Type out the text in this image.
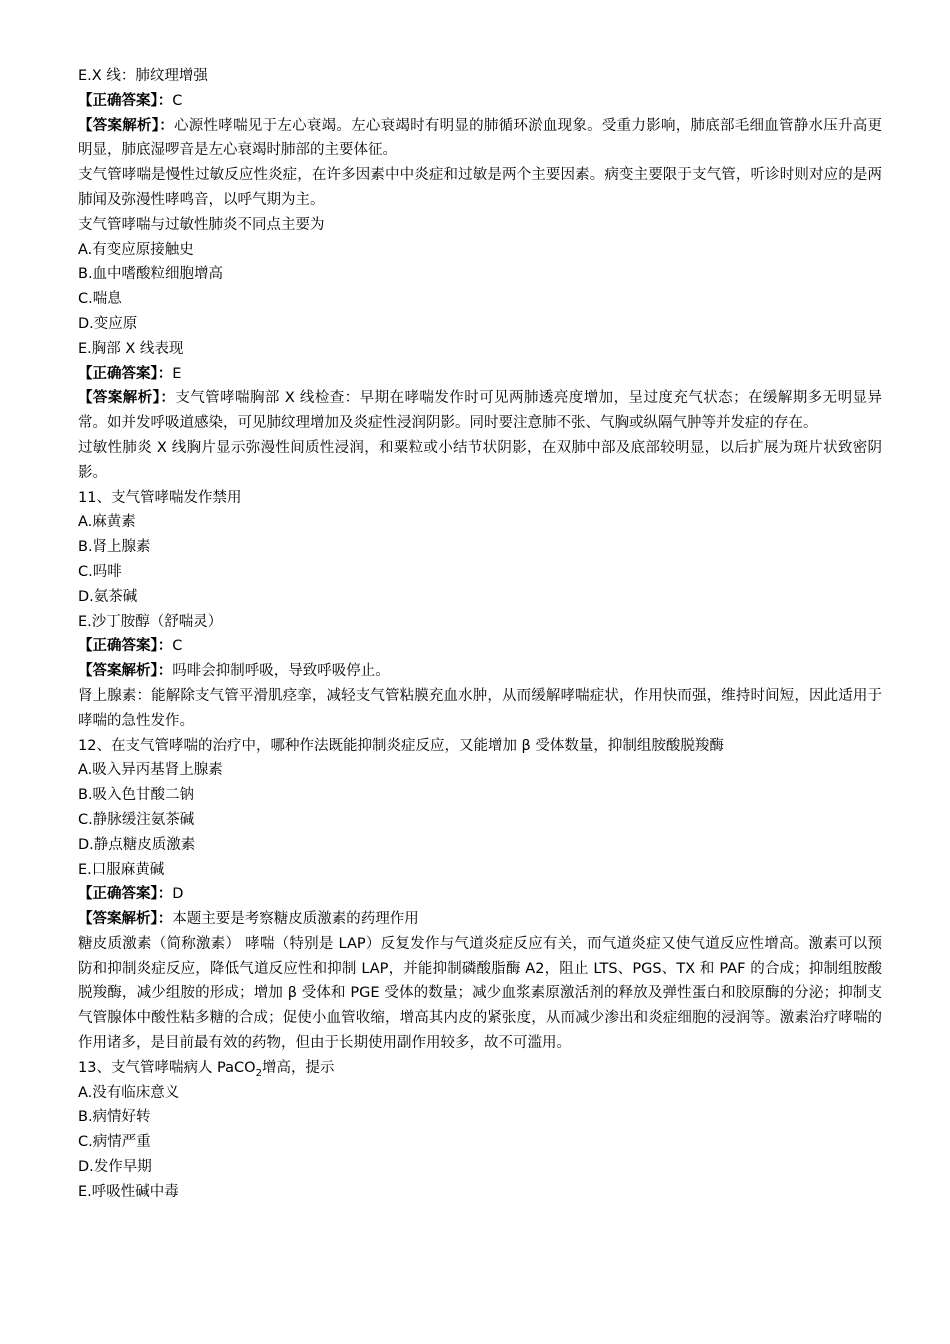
E.X 线：肺纹理增强
【正确答案】：C
【答案解析】：心源性哮喘见于左心衰竭。左心衰竭时有明显的肺循环淤血现象。受重力影响，肺底部毛细血管静水压升高更明显，肺底湿啰音是左心衰竭时肺部的主要体征。
支气管哮喘是慢性过敏反应性炎症，在许多因素中中炎症和过敏是两个主要因素。病变主要限于支气管，听诊时则对应的是两肺闻及弥漫性哮鸣音，以呼气期为主。
支气管哮喘与过敏性肺炎不同点主要为
A.有变应原接触史
B.血中嗜酸粒细胞增高
C.喘息
D.变应原
E.胸部 X 线表现
【正确答案】：E
【答案解析】：支气管哮喘胸部 X 线检查：早期在哮喘发作时可见两肺透亮度增加，呈过度充气状态；在缓解期多无明显异常。如并发呼吸道感染，可见肺纹理增加及炎症性浸润阴影。同时要注意肺不张、气胸或纵隔气肿等并发症的存在。
过敏性肺炎 X 线胸片显示弥漫性间质性浸润，和粟粒或小结节状阴影，在双肺中部及底部较明显，以后扩展为斑片状致密阴影。
11、支气管哮喘发作禁用
A.麻黄素
B.肾上腺素
C.吗啡
D.氨茶碱
E.沙丁胺醇（舒喘灵）
【正确答案】：C
【答案解析】：吗啡会抑制呼吸，导致呼吸停止。
肾上腺素：能解除支气管平滑肌痉挛，减轻支气管粘膜充血水肿，从而缓解哮喘症状，作用快而强，维持时间短，因此适用于哮喘的急性发作。
12、在支气管哮喘的治疗中，哪种作法既能抑制炎症反应，又能增加 β 受体数量，抑制组胺酸脱羧酶
A.吸入异丙基肾上腺素
B.吸入色甘酸二钠
C.静脉缓注氨茶碱
D.静点糖皮质激素
E.口服麻黄碱
【正确答案】：D
【答案解析】：本题主要是考察糖皮质激素的药理作用
糖皮质激素（简称激素） 哮喘（特别是 LAP）反复发作与气道炎症反应有关，而气道炎症又使气道反应性增高。激素可以预防和抑制炎症反应，降低气道反应性和抑制 LAP，并能抑制磷酸脂酶 A2，阻止 LTS、PGS、TX 和 PAF 的合成；抑制组胺酸脱羧酶，减少组胺的形成；增加 β 受体和 PGE 受体的数量；减少血浆素原激活剂的释放及弹性蛋白和胶原酶的分泌；抑制支气管腺体中酸性粘多糖的合成；促使小血管收缩，增高其内皮的紧张度，从而减少渗出和炎症细胞的浸润等。激素治疗哮喘的作用诸多，是目前最有效的药物，但由于长期使用副作用较多，故不可滥用。
13、支气管哮喘病人 PaCO$_2$增高，提示
A.没有临床意义
B.病情好转
C.病情严重
D.发作早期
E.呼吸性碱中毒
